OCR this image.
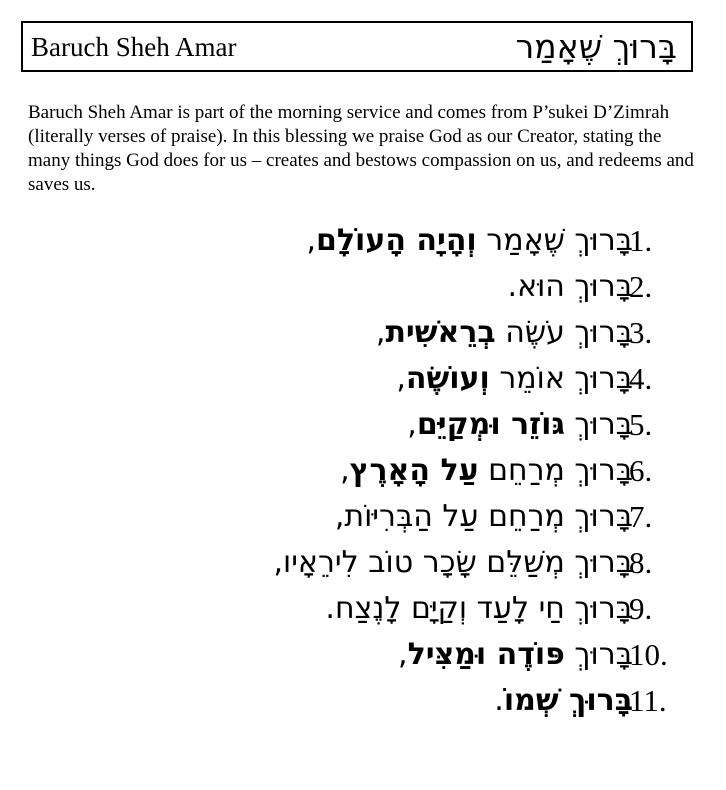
Baruch Sheh Amar	בָּרוּךְ שֶׁאָמַר

Baruch Sheh Amar is part of the morning service and comes from P’sukei D’Zimrah (literally verses of praise). In this blessing we praise God as our Creator, stating the many things God does for us – creates and bestows compassion on us, and redeems and saves us.

1.
בָּרוּךְ שֶׁאָמַר וְהָיָה הָעוֹלָם,
2.
בָּרוּךְ הוּא.
3.
בָּרוּךְ עֹשֶׂה בְרֵאשִׁית,
4.
בָּרוּךְ אוֹמֵר וְעוֹשֶׂה,
5.
בָּרוּךְ גּוֹזֵר וּמְקַיֵּם,
6.
בָּרוּךְ מְרַחֵם עַל הָאָרֶץ,
7.
בָּרוּךְ מְרַחֵם עַל הַבְּרִיּוֹת,
8.
בָּרוּךְ מְשַׁלֵּם שָׂכָר טוֹב לִירֵאָיו,
9.
בָּרוּךְ חַי לָעַד וְקַיָּם לָנֶצַח.
10.
בָּרוּךְ פּוֹדֶה וּמַצִּיל,
11.
בָּרוּךְ שְׁמוֹ.
